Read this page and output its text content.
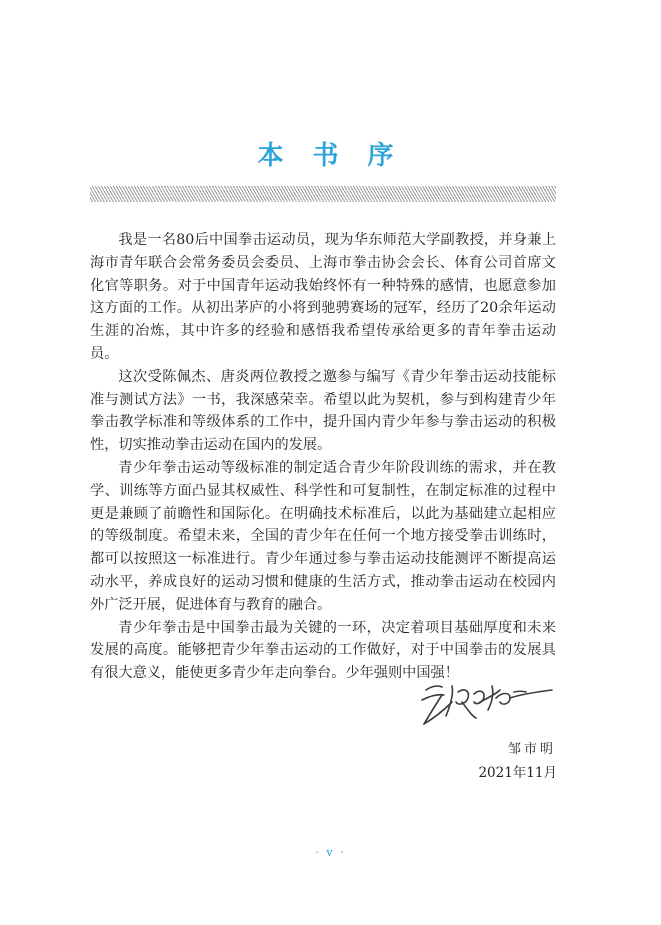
本 书 序

我是一名80后中国拳击运动员，现为华东师范大学副教授，并身兼上海市青年联合会常务委员会委员、上海市拳击协会会长、体育公司首席文化官等职务。对于中国青年运动我始终怀有一种特殊的感情，也愿意参加这方面的工作。从初出茅庐的小将到驰骋赛场的冠军，经历了20余年运动生涯的冶炼，其中许多的经验和感悟我希望传承给更多的青年拳击运动员。

这次受陈佩杰、唐炎两位教授之邀参与编写《青少年拳击运动技能标准与测试方法》一书，我深感荣幸。希望以此为契机，参与到构建青少年拳击教学标准和等级体系的工作中，提升国内青少年参与拳击运动的积极性，切实推动拳击运动在国内的发展。

青少年拳击运动等级标准的制定适合青少年阶段训练的需求，并在教学、训练等方面凸显其权威性、科学性和可复制性，在制定标准的过程中更是兼顾了前瞻性和国际化。在明确技术标准后，以此为基础建立起相应的等级制度。希望未来，全国的青少年在任何一个地方接受拳击训练时，都可以按照这一标准进行。青少年通过参与拳击运动技能测评不断提高运动水平，养成良好的运动习惯和健康的生活方式，推动拳击运动在校园内外广泛开展，促进体育与教育的融合。

青少年拳击是中国拳击最为关键的一环，决定着项目基础厚度和未来发展的高度。能够把青少年拳击运动的工作做好，对于中国拳击的发展具有很大意义，能使更多青少年走向拳台。少年强则中国强！

邹市明
2021年11月
· v ·
